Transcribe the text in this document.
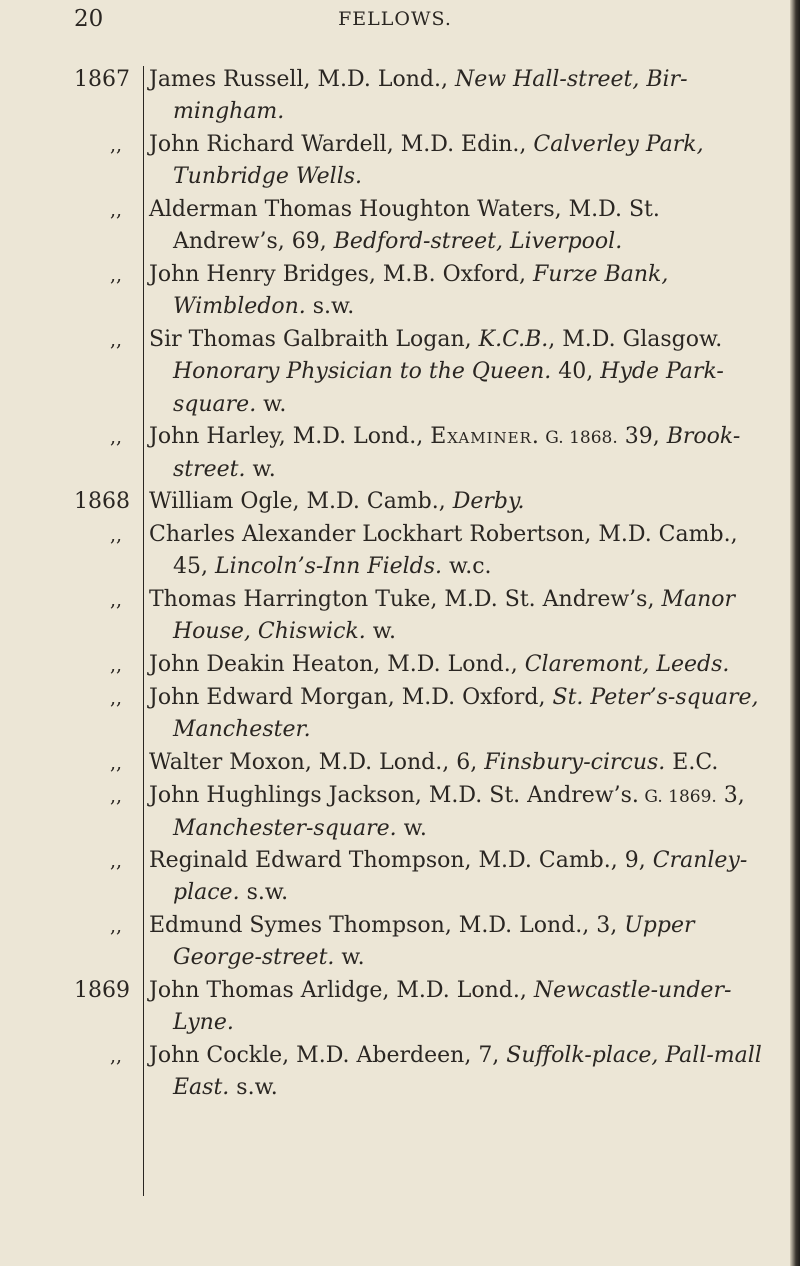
20	FELLOWS.
1867 James Russell, M.D. Lond., New Hall-street, Bir-mingham.
,,	John Richard Wardell, M.D. Edin., Calverley Park, Tunbridge Wells.
,,	Alderman Thomas Houghton Waters, M.D. St. Andrew’s, 69, Bedford-street, Liverpool.
,,	John Henry Bridges, M.B. Oxford, Furze Bank, Wimbledon. s.w.
,,	Sir Thomas Galbraith Logan, K.C.B., M.D. Glasgow. Honorary Physician to the Queen. 40, Hyde Park-square. w.
,,	John Harley, M.D. Lond., Examiner. G. 1868. 39, Brook-street. w.
1868 William Ogle, M.D. Camb., Derby.
,,	Charles Alexander Lockhart Robertson, M.D. Camb., 45, Lincoln’s-Inn Fields. w.c.
,,	Thomas Harrington Tuke, M.D. St. Andrew’s, Manor House, Chiswick. w.
,,	John Deakin Heaton, M.D. Lond., Claremont, Leeds.
,,	John Edward Morgan, M.D. Oxford, St. Peter’s-square, Manchester.
,,	Walter Moxon, M.D. Lond., 6, Finsbury-circus. E.C.
,,	John Hughlings Jackson, M.D. St. Andrew’s. G. 1869. 3, Manchester-square. w.
,,	Reginald Edward Thompson, M.D. Camb., 9, Cranley-place. s.w.
,,	Edmund Symes Thompson, M.D. Lond., 3, Upper George-street. w.
1869 John Thomas Arlidge, M.D. Lond., Newcastle-under-Lyne.
,,	John Cockle, M.D. Aberdeen, 7, Suffolk-place, Pall-mall East. s.w.
